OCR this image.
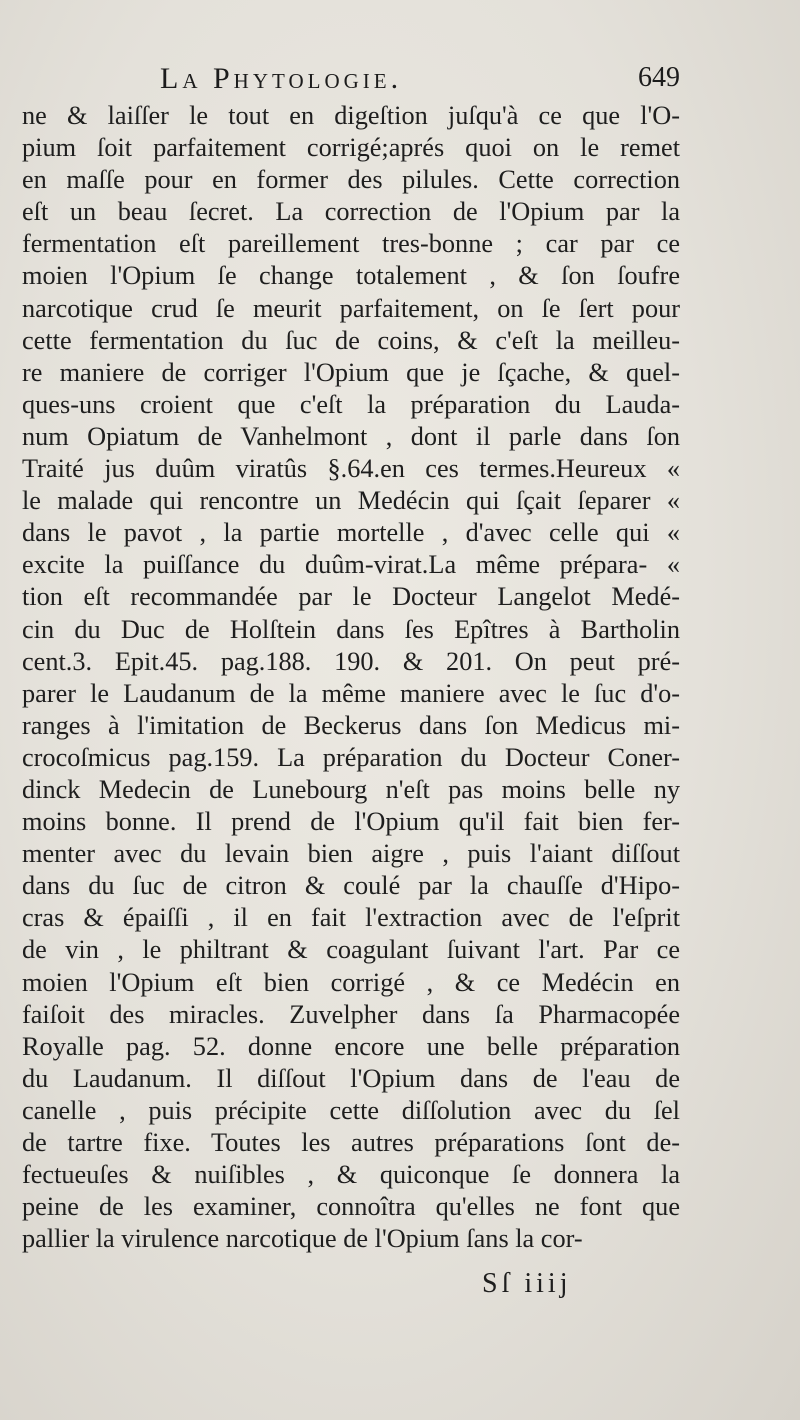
La Phytologie.	649
ne & laiſſer le tout en digeſtion juſqu'à ce que l'O-
pium ſoit parfaitement corrigé;aprés quoi on le remet
en maſſe pour en former des pilules. Cette correction
eſt un beau ſecret. La correction de l'Opium par la
fermentation eſt pareillement tres-bonne ; car par ce
moien l'Opium ſe change totalement , & ſon ſoufre
narcotique crud ſe meurit parfaitement, on ſe ſert pour
cette fermentation du ſuc de coins, & c'eſt la meilleu-
re maniere de corriger l'Opium que je ſçache, & quel-
ques-uns croient que c'eſt la préparation du Lauda-
num Opiatum de Vanhelmont , dont il parle dans ſon
Traité jus duûm viratûs §.64.en ces termes.Heureux «
le malade qui rencontre un Medécin qui ſçait ſeparer «
dans le pavot , la partie mortelle , d'avec celle qui «
excite la puiſſance du duûm-virat.La même prépara- «
tion eſt recommandée par le Docteur Langelot Medé-
cin du Duc de Holſtein dans ſes Epîtres à Bartholin
cent.3. Epit.45. pag.188. 190. & 201. On peut pré-
parer le Laudanum de la même maniere avec le ſuc d'o-
ranges à l'imitation de Beckerus dans ſon Medicus mi-
crocoſmicus pag.159. La préparation du Docteur Coner-
dinck Medecin de Lunebourg n'eſt pas moins belle ny
moins bonne. Il prend de l'Opium qu'il fait bien fer-
menter avec du levain bien aigre , puis l'aiant diſſout
dans du ſuc de citron & coulé par la chauſſe d'Hipo-
cras & épaiſſi , il en fait l'extraction avec de l'eſprit
de vin , le philtrant & coagulant ſuivant l'art. Par ce
moien l'Opium eſt bien corrigé , & ce Medécin en
faiſoit des miracles. Zuvelpher dans ſa Pharmacopée
Royalle pag. 52. donne encore une belle préparation
du Laudanum. Il diſſout l'Opium dans de l'eau de
canelle , puis précipite cette diſſolution avec du ſel
de tartre fixe. Toutes les autres préparations ſont de-
fectueuſes & nuiſibles , & quiconque ſe donnera la
peine de les examiner, connoîtra qu'elles ne font que
pallier la virulence narcotique de l'Opium ſans la cor-
Sſ iiij
